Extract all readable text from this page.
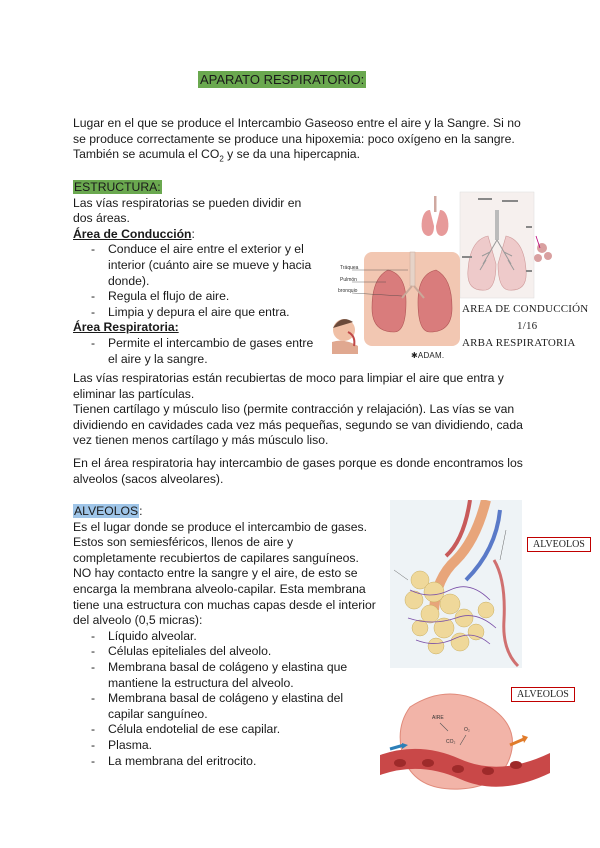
APARATO RESPIRATORIO:
Lugar en el que se produce el Intercambio Gaseoso entre el aire y la Sangre. Si no
se produce correctamente se produce una hipoxemia: poco oxígeno en la sangre.
También se acumula el $CO_2$ y se da una hipercapnia.
ESTRUCTURA:
Las vías respiratorias se pueden dividir en
dos áreas.
Área de Conducción:
- Conduce el aire entre el exterior y el
interior (cuánto aire se mueve y hacia
donde).
- Regula el flujo de aire.
- Limpia y depura el aire que entra.
Área Respiratoria:
- Permite el intercambio de gases entre
el aire y la sangre.
Las vías respiratorias están recubiertas de moco para limpiar el aire que entra y
eliminar las partículas.
Tienen cartílago y músculo liso (permite contracción y relajación). Las vías se van
dividiendo en cavidades cada vez más pequeñas, segundo se van dividiendo, cada
vez tienen menos cartílago y más músculo liso.
En el área respiratoria hay intercambio de gases porque es donde encontramos los
alveolos (sacos alveolares).
Tráquea
Pulmón
bronquio
AREA DE CONDUCCIÓN
1/16
ARBA RESPIRATORIA
✱ADAM.
ALVEOLOS:
Es el lugar donde se produce el intercambio de gases.
Estos son semiesféricos, llenos de aire y
completamente recubiertos de capilares sanguíneos.
NO hay contacto entre la sangre y el aire, de esto se
encarga la membrana alveolo-capilar. Esta membrana
tiene una estructura con muchas capas desde el interior
del alveolo (0,5 micras):
- Líquido alveolar.
- Células epiteliales del alveolo.
- Membrana basal de colágeno y elastina que
mantiene la estructura del alveolo.
- Membrana basal de colágeno y elastina del
capilar sanguíneo.
- Célula endotelial de ese capilar.
- Plasma.
- La membrana del eritrocito.
ALVEOLOS
AIRE
O₂
CO₂
ALVEOLOS
